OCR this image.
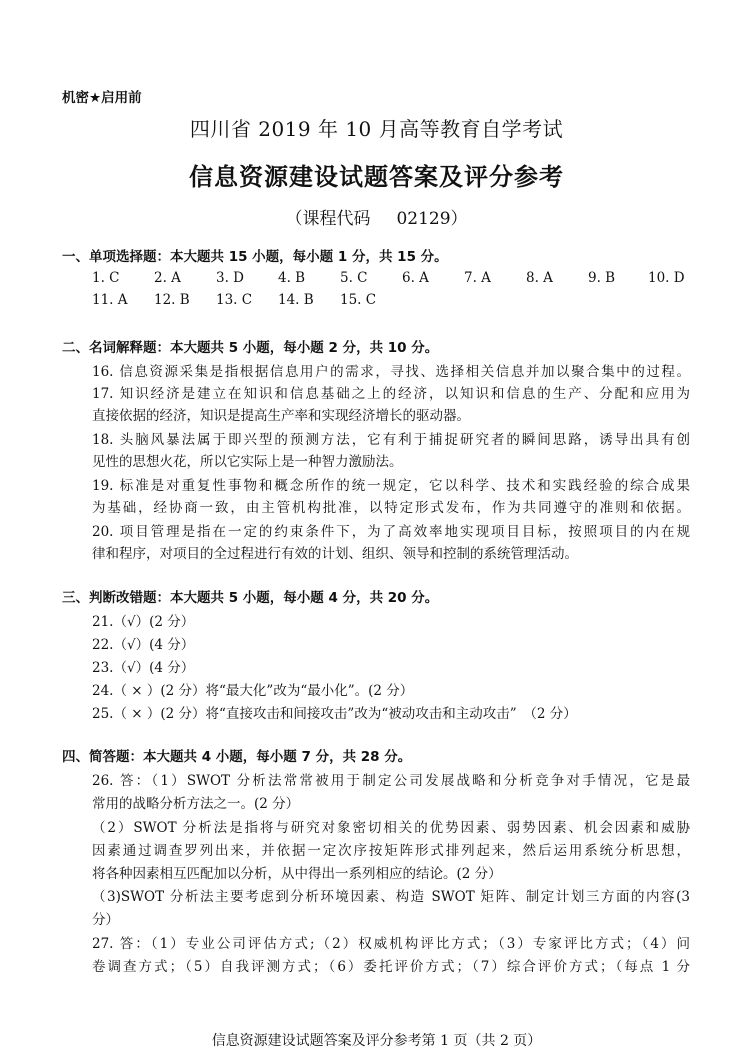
机密★启用前
四川省 2019 年 10 月高等教育自学考试
信息资源建设试题答案及评分参考
（课程代码 02129）
一、单项选择题：本大题共 15 小题，每小题 1 分，共 15 分。
1. C	2. A	3. D	4. B	5. C	6. A	7. A	8. A	9. B 10. D
11. A 12. B 13. C 14. B 15. C
二、名词解释题：本大题共 5 小题，每小题 2 分，共 10 分。
16. 信息资源采集是指根据信息用户的需求，寻找、选择相关信息并加以聚合集中的过程。
17. 知识经济是建立在知识和信息基础之上的经济，以知识和信息的生产、分配和应用为
直接依据的经济，知识是提高生产率和实现经济增长的驱动器。
18. 头脑风暴法属于即兴型的预测方法，它有利于捕捉研究者的瞬间思路，诱导出具有创
见性的思想火花，所以它实际上是一种智力激励法。
19. 标准是对重复性事物和概念所作的统一规定，它以科学、技术和实践经验的综合成果
为基础，经协商一致，由主管机构批准，以特定形式发布，作为共同遵守的准则和依据。
20. 项目管理是指在一定的约束条件下，为了高效率地实现项目目标，按照项目的内在规
律和程序，对项目的全过程进行有效的计划、组织、领导和控制的系统管理活动。
三、判断改错题：本大题共 5 小题，每小题 4 分，共 20 分。
21.（√）(2 分）
22.（√）(4 分）
23.（√）(4 分）
24.（ × ）(2 分）将“最大化”改为“最小化”。(2 分）
25.（ × ）(2 分）将“直接攻击和间接攻击”改为“被动攻击和主动攻击”　（2 分）
四、简答题：本大题共 4 小题，每小题 7 分，共 28 分。
26. 答：（1）SWOT 分析法常常被用于制定公司发展战略和分析竞争对手情况，它是最
常用的战略分析方法之一。(2 分）
（2）SWOT 分析法是指将与研究对象密切相关的优势因素、弱势因素、机会因素和威胁
因素通过调查罗列出来，并依据一定次序按矩阵形式排列起来，然后运用系统分析思想，
将各种因素相互匹配加以分析，从中得出一系列相应的结论。(2 分）
（3)SWOT 分析法主要考虑到分析环境因素、构造 SWOT 矩阵、制定计划三方面的内容(3
分）
27. 答：（1）专业公司评估方式;（2）权威机构评比方式；（3）专家评比方式；（4）问
卷调查方式；（5）自我评测方式；（6）委托评价方式；（7）综合评价方式；（每点 1 分
信息资源建设试题答案及评分参考第 1 页（共 2 页）
